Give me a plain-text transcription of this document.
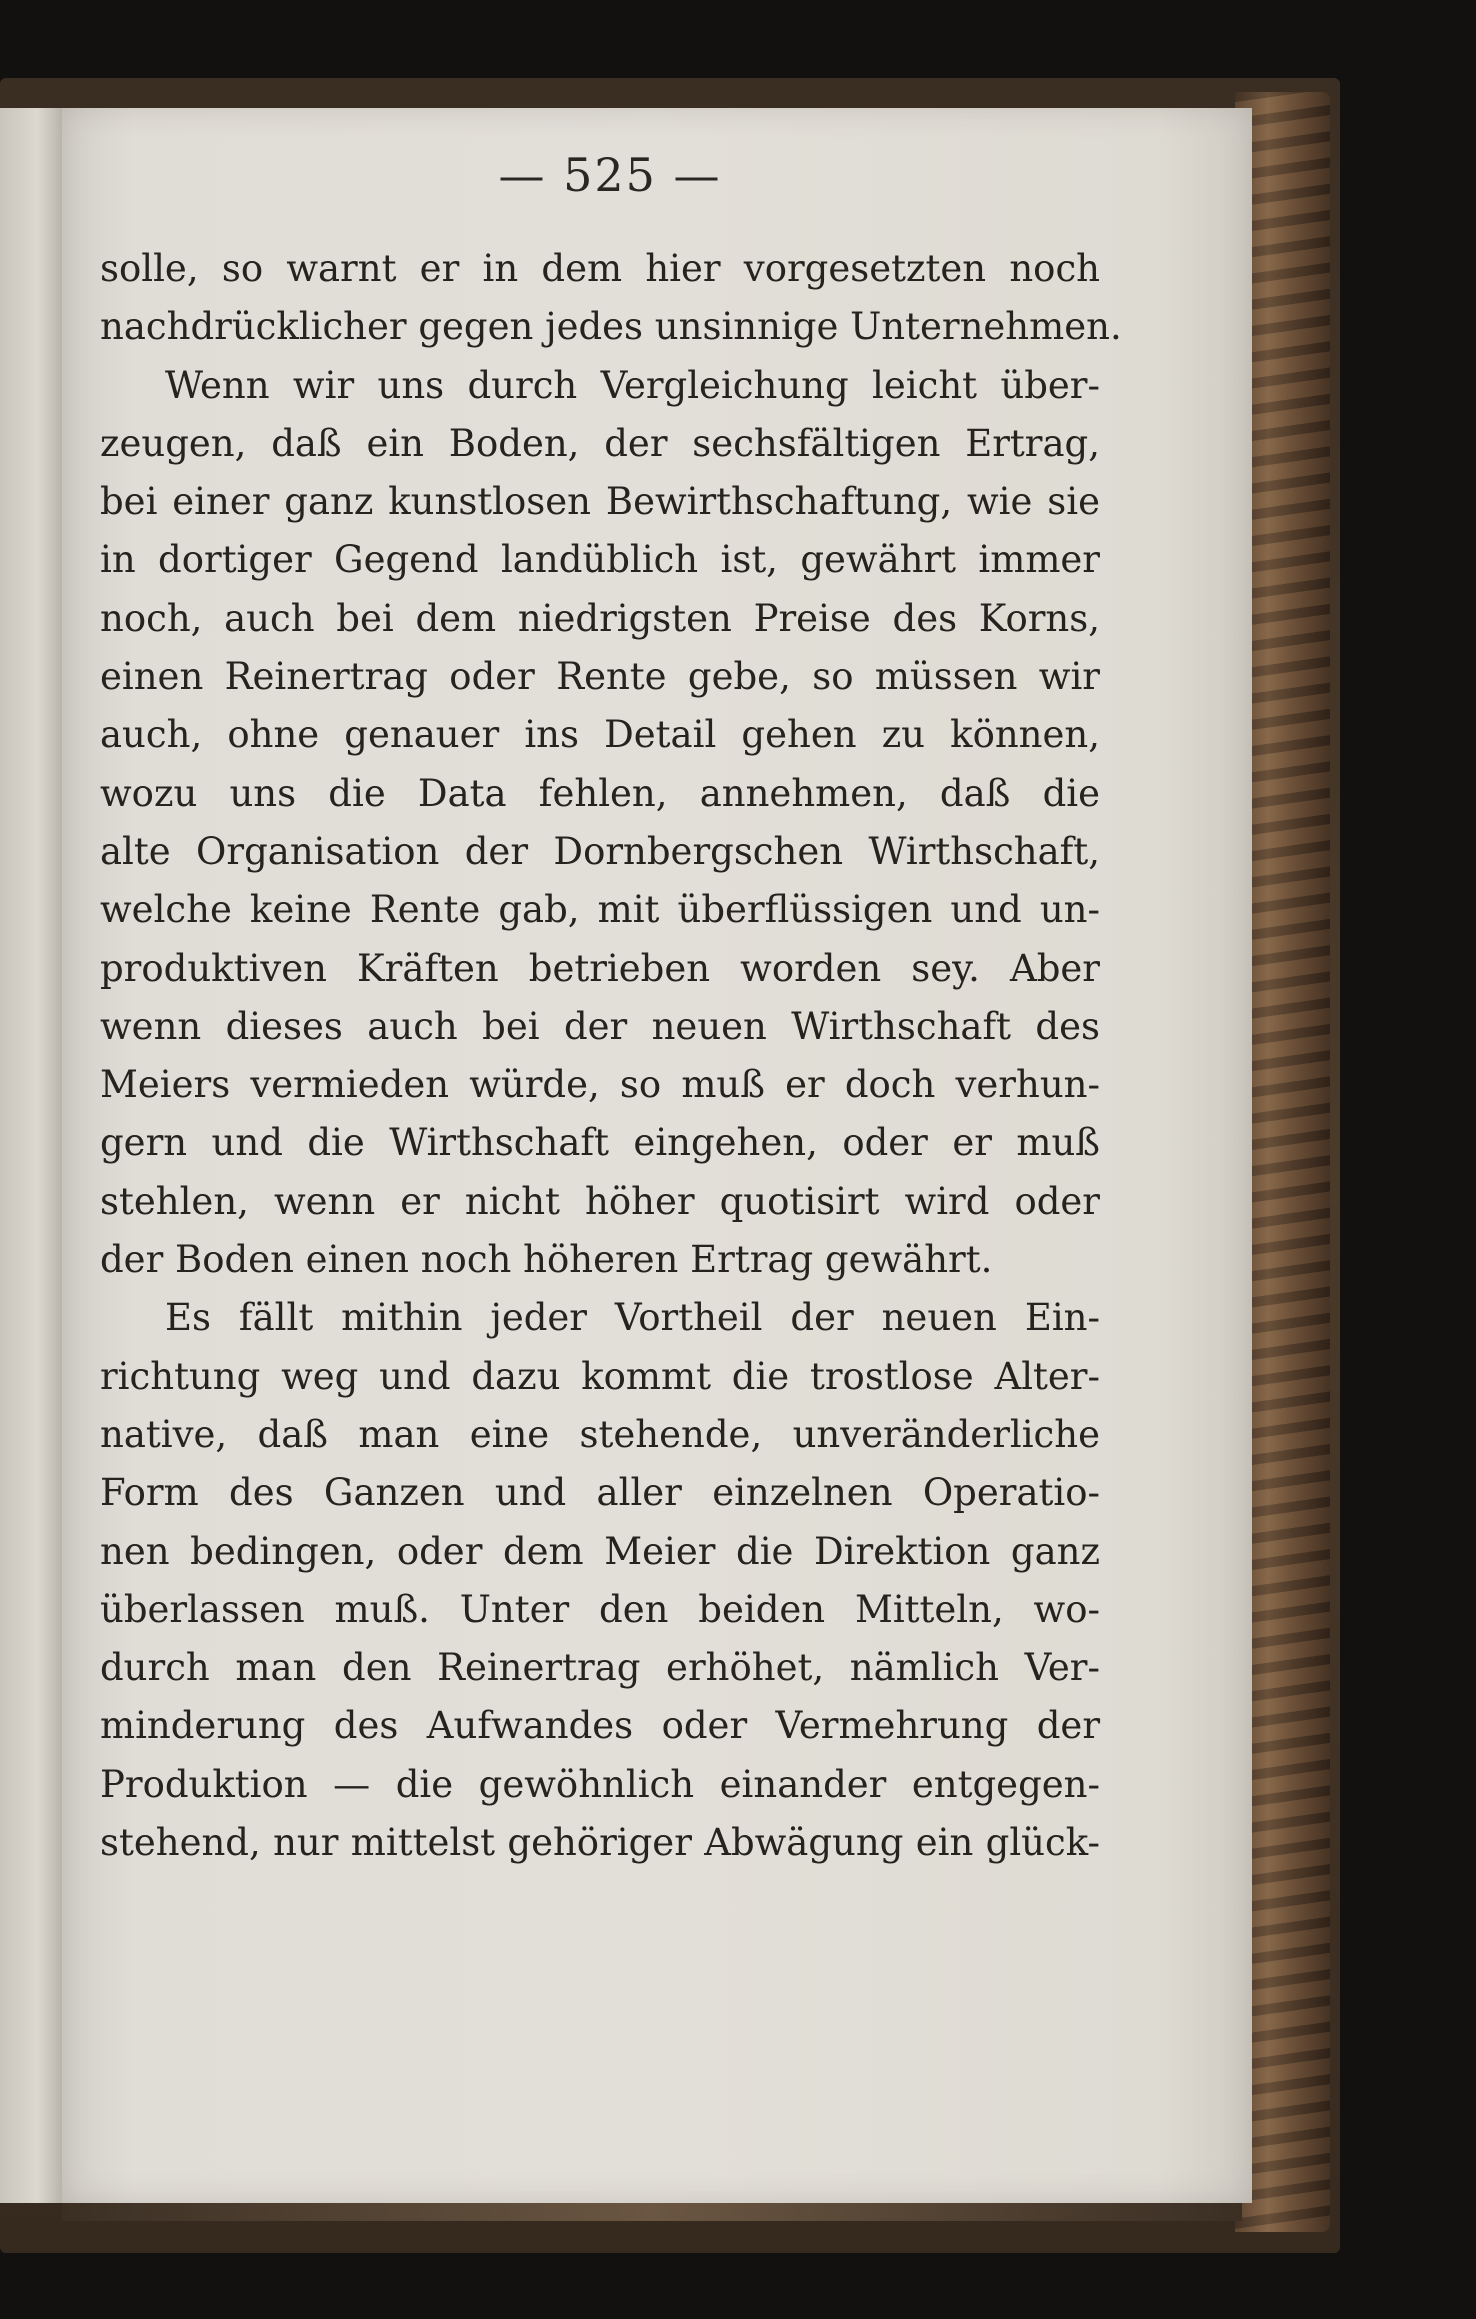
— 525 —
solle, so warnt er in dem hier vorgesetzten noch
nachdrücklicher gegen jedes unsinnige Unternehmen.
Wenn wir uns durch Vergleichung leicht über-
zeugen, daß ein Boden, der sechsfältigen Ertrag,
bei einer ganz kunstlosen Bewirthschaftung, wie sie
in dortiger Gegend landüblich ist, gewährt immer
noch, auch bei dem niedrigsten Preise des Korns,
einen Reinertrag oder Rente gebe, so müssen wir
auch, ohne genauer ins Detail gehen zu können,
wozu uns die Data fehlen, annehmen, daß die
alte Organisation der Dornbergschen Wirthschaft,
welche keine Rente gab, mit überflüssigen und un-
produktiven Kräften betrieben worden sey. Aber
wenn dieses auch bei der neuen Wirthschaft des
Meiers vermieden würde, so muß er doch verhun-
gern und die Wirthschaft eingehen, oder er muß
stehlen, wenn er nicht höher quotisirt wird oder
der Boden einen noch höheren Ertrag gewährt.
Es fällt mithin jeder Vortheil der neuen Ein-
richtung weg und dazu kommt die trostlose Alter-
native, daß man eine stehende, unveränderliche
Form des Ganzen und aller einzelnen Operatio-
nen bedingen, oder dem Meier die Direktion ganz
überlassen muß. Unter den beiden Mitteln, wo-
durch man den Reinertrag erhöhet, nämlich Ver-
minderung des Aufwandes oder Vermehrung der
Produktion — die gewöhnlich einander entgegen-
stehend, nur mittelst gehöriger Abwägung ein glück-
